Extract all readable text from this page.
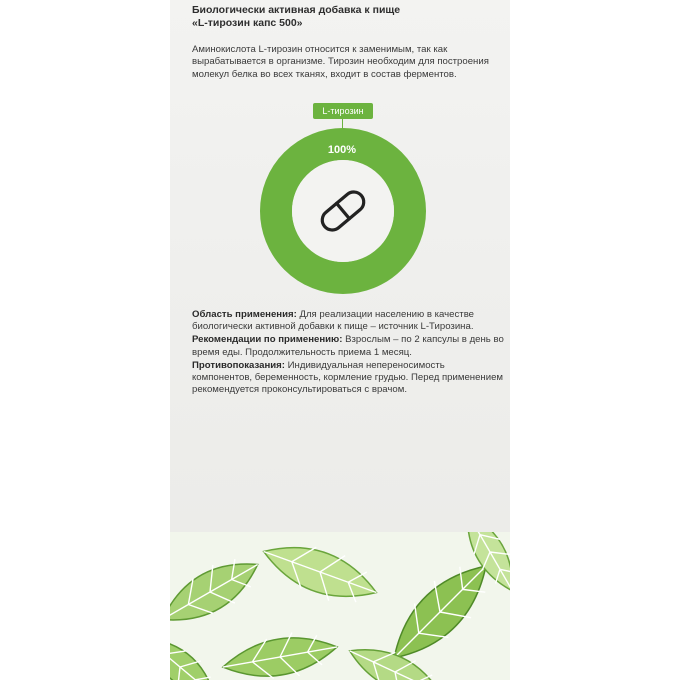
Биологически активная добавка к пище
«L-тирозин капс 500»
Аминокислота L-тирозин относится к заменимым, так как вырабатывается в организме. Тирозин необходим для построения молекул белка во всех тканях, входит в состав ферментов.
L-тирозин
100%

Область применения: Для реализации населению в качестве биологически активной добавки к пище – источник L-Тирозина.

Рекомендации по применению: Взрослым – по 2 капсулы в день во время еды. Продолжительность приема 1 месяц.

Противопоказания: Индивидуальная непереносимость компонентов, беременность, кормление грудью. Перед применением рекомендуется проконсультироваться с врачом.
